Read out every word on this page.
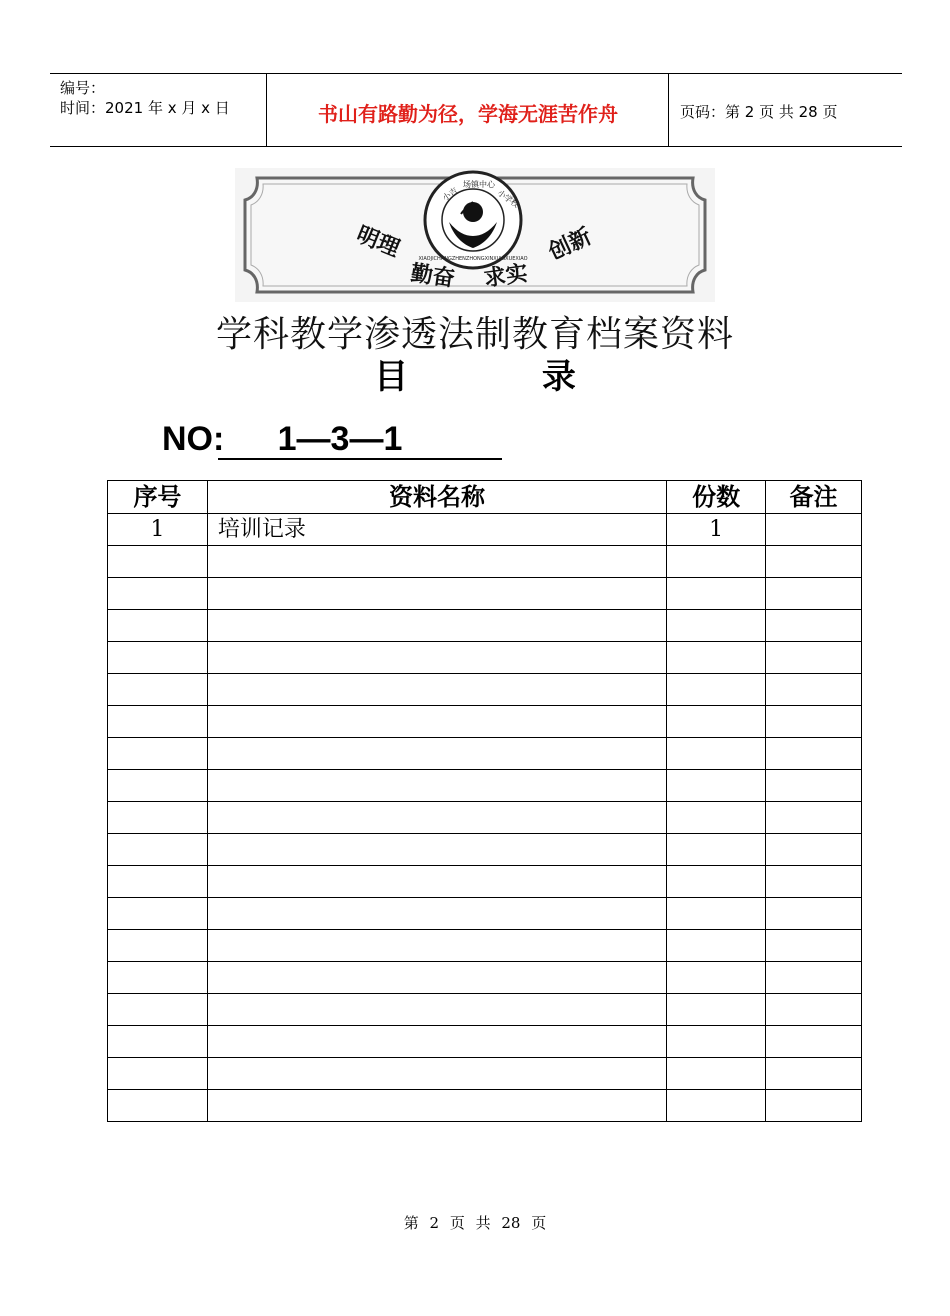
编号：
时间：2021 年 x 月 x 日	书山有路勤为径，学海无涯苦作舟	页码：第 2 页 共 28 页
小吉
场镇中心
小学校
XIAOJICHANGZHENZHONGXINXIAOXUEXIAO
明理
勤奋 求实
创新
学科教学渗透法制教育档案资料
目	录
NO:	1—3—1
序号	资料名称	份数	备注
1	培训记录	1	

第 2 页 共 28 页
